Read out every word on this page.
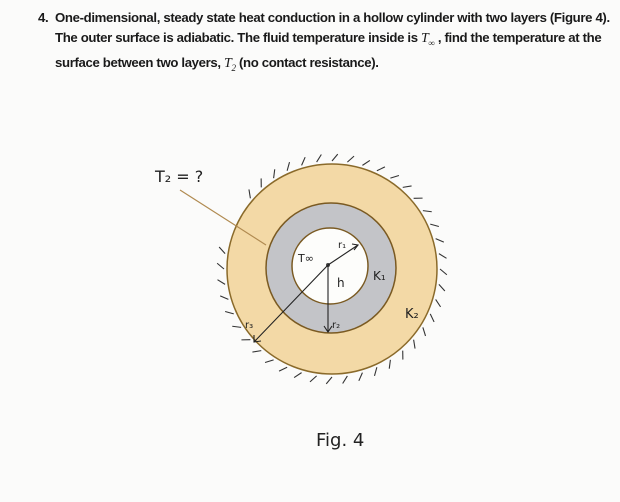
4. One-dimensional, steady state heat conduction in a hollow cylinder with two layers (Figure 4). The outer surface is adiabatic. The fluid temperature inside is $T_\infty$ , find the temperature at the surface between two layers, $T_2$ (no contact resistance).
T₂ = ?
T∞
r₁
h K₁
r₂
r₃
K₂
Fig. 4
